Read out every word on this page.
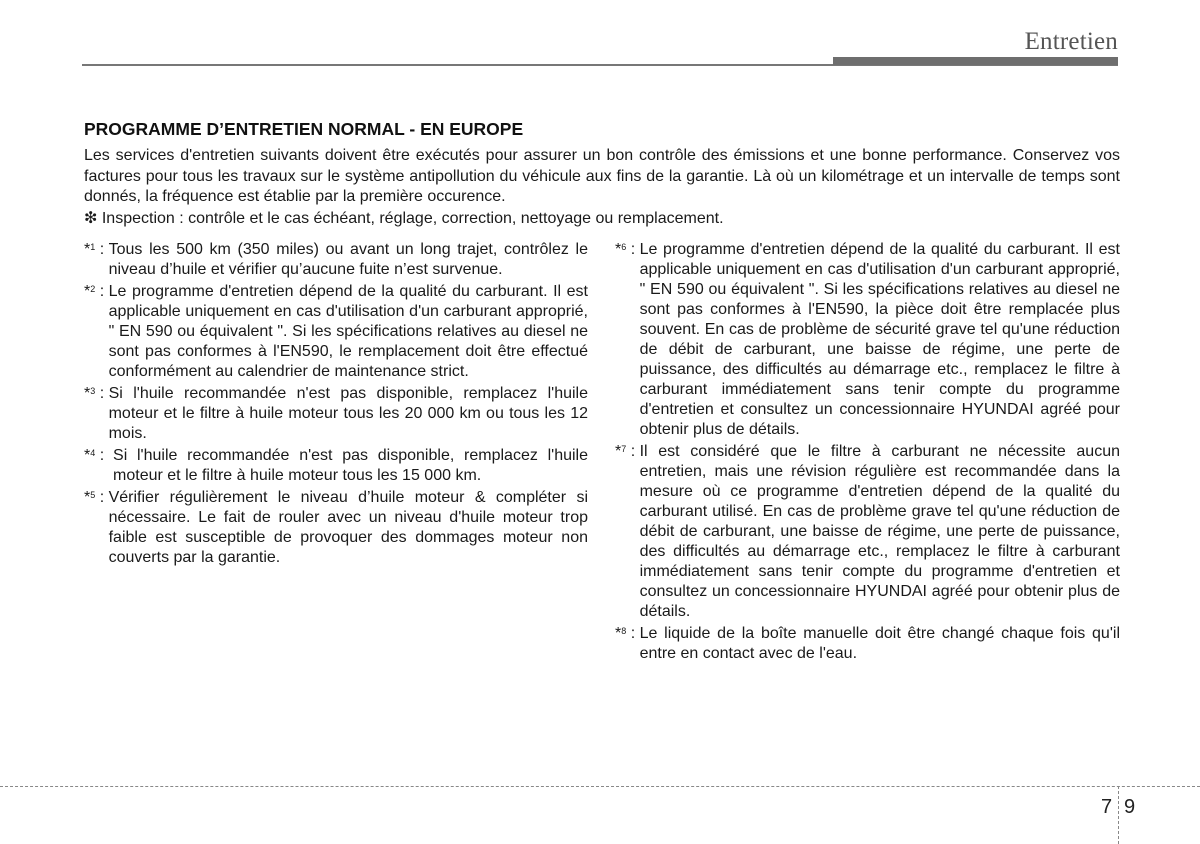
Entretien
PROGRAMME D’ENTRETIEN NORMAL - EN EUROPE

Les services d'entretien suivants doivent être exécutés pour assurer un bon contrôle des émissions et une bonne performance. Conservez vos factures pour tous les travaux sur le système antipollution du véhicule aux fins de la garantie. Là où un kilométrage et un intervalle de temps sont donnés, la fréquence est établie par la première occurence.

❇ Inspection : contrôle et le cas échéant, réglage, correction, nettoyage ou remplacement.

*$^1$ : Tous les 500 km (350 miles) ou avant un long trajet, contrôlez le niveau d’huile et vérifier qu’aucune fuite n’est survenue.
*$^2$ : Le programme d'entretien dépend de la qualité du carburant. Il est applicable uniquement en cas d'utilisation d'un carburant approprié, " EN 590 ou équivalent ". Si les spécifications relatives au diesel ne sont pas conformes à l'EN590, le remplacement doit être effectué conformément au calendrier de maintenance strict.
*$^3$ : Si l'huile recommandée n'est pas disponible, remplacez l'huile moteur et le filtre à huile moteur tous les 20 000 km ou tous les 12 mois.
*$^4$ : Si l'huile recommandée n'est pas disponible, remplacez l'huile moteur et le filtre à huile moteur tous les 15 000 km.
*$^5$ : Vérifier régulièrement le niveau d’huile moteur & compléter si nécessaire. Le fait de rouler avec un niveau d'huile moteur trop faible est susceptible de provoquer des dommages moteur non couverts par la garantie.
*$^6$ : Le programme d'entretien dépend de la qualité du carburant. Il est applicable uniquement en cas d'utilisation d'un carburant approprié, " EN 590 ou équivalent ". Si les spécifications relatives au diesel ne sont pas conformes à l'EN590, la pièce doit être remplacée plus souvent. En cas de problème de sécurité grave tel qu'une réduction de débit de carburant, une baisse de régime, une perte de puissance, des difficultés au démarrage etc., remplacez le filtre à carburant immédiatement sans tenir compte du programme d'entretien et consultez un concessionnaire HYUNDAI agréé pour obtenir plus de détails.
*$^7$ : Il est considéré que le filtre à carburant ne nécessite aucun entretien, mais une révision régulière est recommandée dans la mesure où ce programme d'entretien dépend de la qualité du carburant utilisé. En cas de problème grave tel qu'une réduction de débit de carburant, une baisse de régime, une perte de puissance, des difficultés au démarrage etc., remplacez le filtre à carburant immédiatement sans tenir compte du programme d'entretien et consultez un concessionnaire HYUNDAI agréé pour obtenir plus de détails.
*$^8$ : Le liquide de la boîte manuelle doit être changé chaque fois qu'il entre en contact avec de l'eau.
7 9
